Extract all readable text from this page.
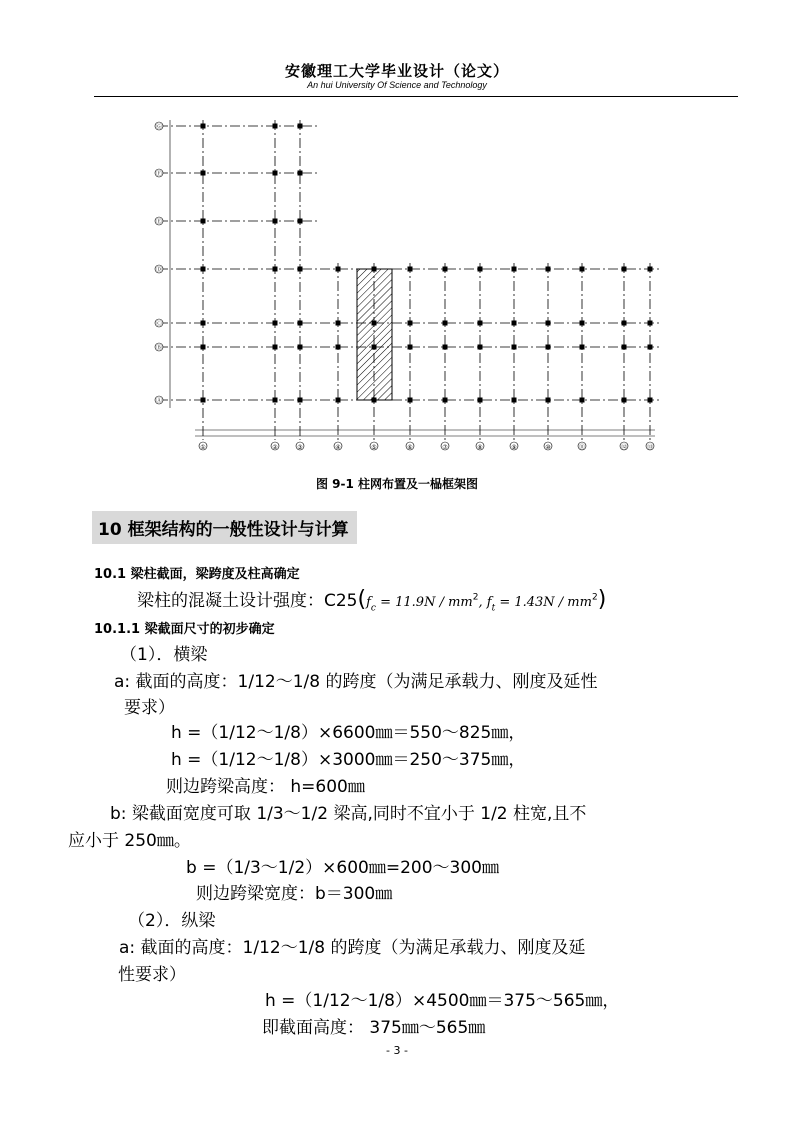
安徽理工大学毕业设计（论文）
An hui University Of Science and Technology
①	②	③	④	⑤	⑥	⑦	⑧	⑨	⑩	⑪	⑫	⑬
Ⓖ
Ⓕ
Ⓔ
Ⓓ
Ⓒ
Ⓑ
Ⓐ
图 9-1 柱网布置及一榀框架图
10 框架结构的一般性设计与计算
10.1 梁柱截面，梁跨度及柱高确定
梁柱的混凝土设计强度：$C25(f_c = 11.9N / mm^2$, $f_t = 1.43N / mm^2$)
10.1.1 梁截面尺寸的初步确定
（1）．横梁
a: 截面的高度：1/12～1/8 的跨度（为满足承载力、刚度及延性
要求）
h =（1/12～1/8）×6600㎜＝550～825㎜，
h =（1/12～1/8）×3000㎜＝250～375㎜，
则边跨梁高度： h=600㎜
b: 梁截面宽度可取 1/3～1/2 梁高,同时不宜小于 1/2 柱宽,且不
应小于 250㎜。
b =（1/3～1/2）×600㎜=200～300㎜
则边跨梁宽度：b＝300㎜
（2）．纵梁
a: 截面的高度：1/12～1/8 的跨度（为满足承载力、刚度及延
性要求）
h =（1/12～1/8）×4500㎜＝375～565㎜，
即截面高度： 375㎜～565㎜
- 3 -
